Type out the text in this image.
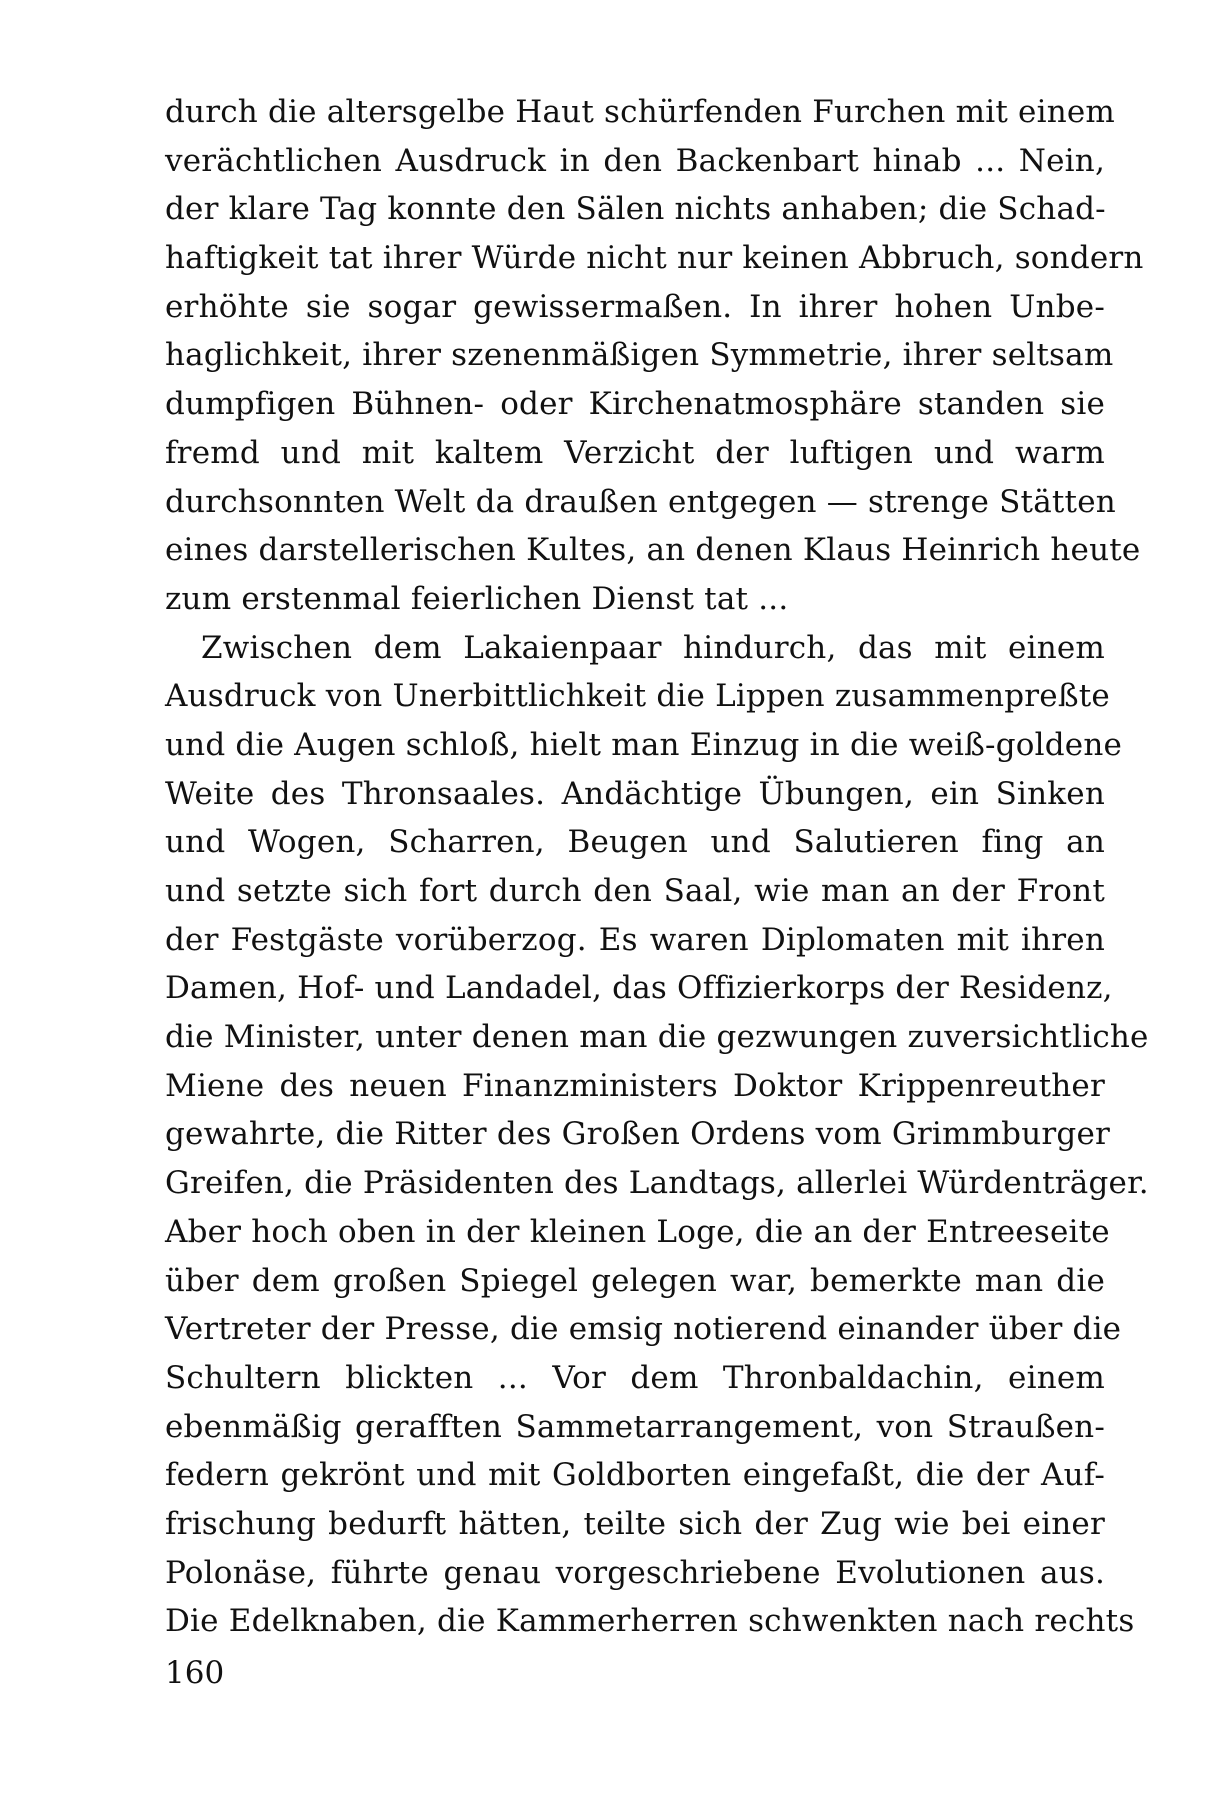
durch die altersgelbe Haut schürfenden Furchen mit einem
verächtlichen Ausdruck in den Backenbart hinab ... Nein,
der klare Tag konnte den Sälen nichts anhaben; die Schad-
haftigkeit tat ihrer Würde nicht nur keinen Abbruch, sondern
erhöhte sie sogar gewissermaßen. In ihrer hohen Unbe-
haglichkeit, ihrer szenenmäßigen Symmetrie, ihrer seltsam
dumpfigen Bühnen- oder Kirchenatmosphäre standen sie
fremd und mit kaltem Verzicht der luftigen und warm
durchsonnten Welt da draußen entgegen — strenge Stätten
eines darstellerischen Kultes, an denen Klaus Heinrich heute
zum erstenmal feierlichen Dienst tat ...
Zwischen dem Lakaienpaar hindurch, das mit einem
Ausdruck von Unerbittlichkeit die Lippen zusammenpreßte
und die Augen schloß, hielt man Einzug in die weiß-goldene
Weite des Thronsaales. Andächtige Übungen, ein Sinken
und Wogen, Scharren, Beugen und Salutieren fing an
und setzte sich fort durch den Saal, wie man an der Front
der Festgäste vorüberzog. Es waren Diplomaten mit ihren
Damen, Hof- und Landadel, das Offizierkorps der Residenz,
die Minister, unter denen man die gezwungen zuversichtliche
Miene des neuen Finanzministers Doktor Krippenreuther
gewahrte, die Ritter des Großen Ordens vom Grimmburger
Greifen, die Präsidenten des Landtags, allerlei Würdenträger.
Aber hoch oben in der kleinen Loge, die an der Entreeseite
über dem großen Spiegel gelegen war, bemerkte man die
Vertreter der Presse, die emsig notierend einander über die
Schultern blickten ... Vor dem Thronbaldachin, einem
ebenmäßig gerafften Sammetarrangement, von Straußen-
federn gekrönt und mit Goldborten eingefaßt, die der Auf-
frischung bedurft hätten, teilte sich der Zug wie bei einer
Polonäse, führte genau vorgeschriebene Evolutionen aus.
Die Edelknaben, die Kammerherren schwenkten nach rechts
160
